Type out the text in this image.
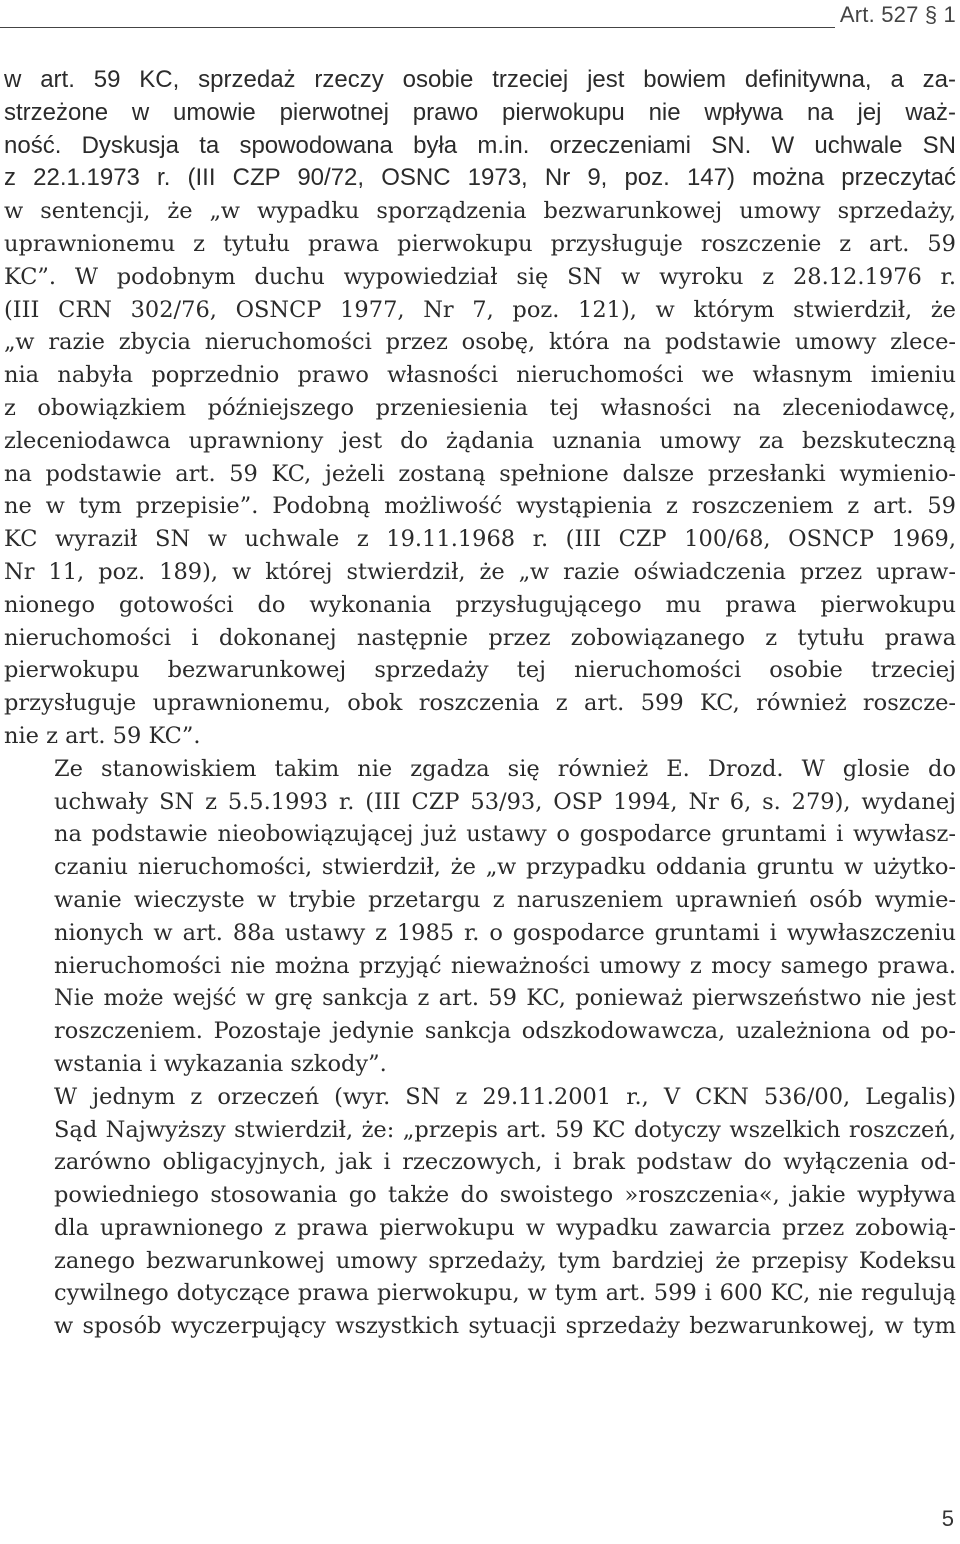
Art. 527 § 1

w art. 59 KC, sprzedaż rzeczy osobie trzeciej jest bowiem definitywna, a za-
strzeżone w umowie pierwotnej prawo pierwokupu nie wpływa na jej waż-
ność. Dyskusja ta spowodowana była m.in. orzeczeniami SN. W uchwale SN
z 22.1.1973 r. (III CZP 90/72, OSNC 1973, Nr 9, poz. 147) można przeczytać
w sentencji, że „w wypadku sporządzenia bezwarunkowej umowy sprzedaży,
uprawnionemu z tytułu prawa pierwokupu przysługuje roszczenie z art. 59
KC”. W podobnym duchu wypowiedział się SN w wyroku z 28.12.1976 r.
(III CRN 302/76, OSNCP 1977, Nr 7, poz. 121), w którym stwierdził, że
„w razie zbycia nieruchomości przez osobę, która na podstawie umowy zlece-
nia nabyła poprzednio prawo własności nieruchomości we własnym imieniu
z obowiązkiem późniejszego przeniesienia tej własności na zleceniodawcę,
zleceniodawca uprawniony jest do żądania uznania umowy za bezskuteczną
na podstawie art. 59 KC, jeżeli zostaną spełnione dalsze przesłanki wymienio-
ne w tym przepisie”. Podobną możliwość wystąpienia z roszczeniem z art. 59
KC wyraził SN w uchwale z 19.11.1968 r. (III CZP 100/68, OSNCP 1969,
Nr 11, poz. 189), w której stwierdził, że „w razie oświadczenia przez upraw-
nionego gotowości do wykonania przysługującego mu prawa pierwokupu
nieruchomości i dokonanej następnie przez zobowiązanego z tytułu prawa
pierwokupu bezwarunkowej sprzedaży tej nieruchomości osobie trzeciej
przysługuje uprawnionemu, obok roszczenia z art. 599 KC, również roszcze-
nie z art. 59 KC”.

Ze stanowiskiem takim nie zgadza się również E. Drozd. W glosie do
uchwały SN z 5.5.1993 r. (III CZP 53/93, OSP 1994, Nr 6, s. 279), wydanej
na podstawie nieobowiązującej już ustawy o gospodarce gruntami i wywłasz-
czaniu nieruchomości, stwierdził, że „w przypadku oddania gruntu w użytko-
wanie wieczyste w trybie przetargu z naruszeniem uprawnień osób wymie-
nionych w art. 88a ustawy z 1985 r. o gospodarce gruntami i wywłaszczeniu
nieruchomości nie można przyjąć nieważności umowy z mocy samego prawa.
Nie może wejść w grę sankcja z art. 59 KC, ponieważ pierwszeństwo nie jest
roszczeniem. Pozostaje jedynie sankcja odszkodowawcza, uzależniona od po-
wstania i wykazania szkody”.

W jednym z orzeczeń (wyr. SN z 29.11.2001 r., V CKN 536/00, Legalis)
Sąd Najwyższy stwierdził, że: „przepis art. 59 KC dotyczy wszelkich roszczeń,
zarówno obligacyjnych, jak i rzeczowych, i brak podstaw do wyłączenia od-
powiedniego stosowania go także do swoistego »roszczenia«, jakie wypływa
dla uprawnionego z prawa pierwokupu w wypadku zawarcia przez zobowią-
zanego bezwarunkowej umowy sprzedaży, tym bardziej że przepisy Kodeksu
cywilnego dotyczące prawa pierwokupu, w tym art. 599 i 600 KC, nie regulują
w sposób wyczerpujący wszystkich sytuacji sprzedaży bezwarunkowej, w tym

5
